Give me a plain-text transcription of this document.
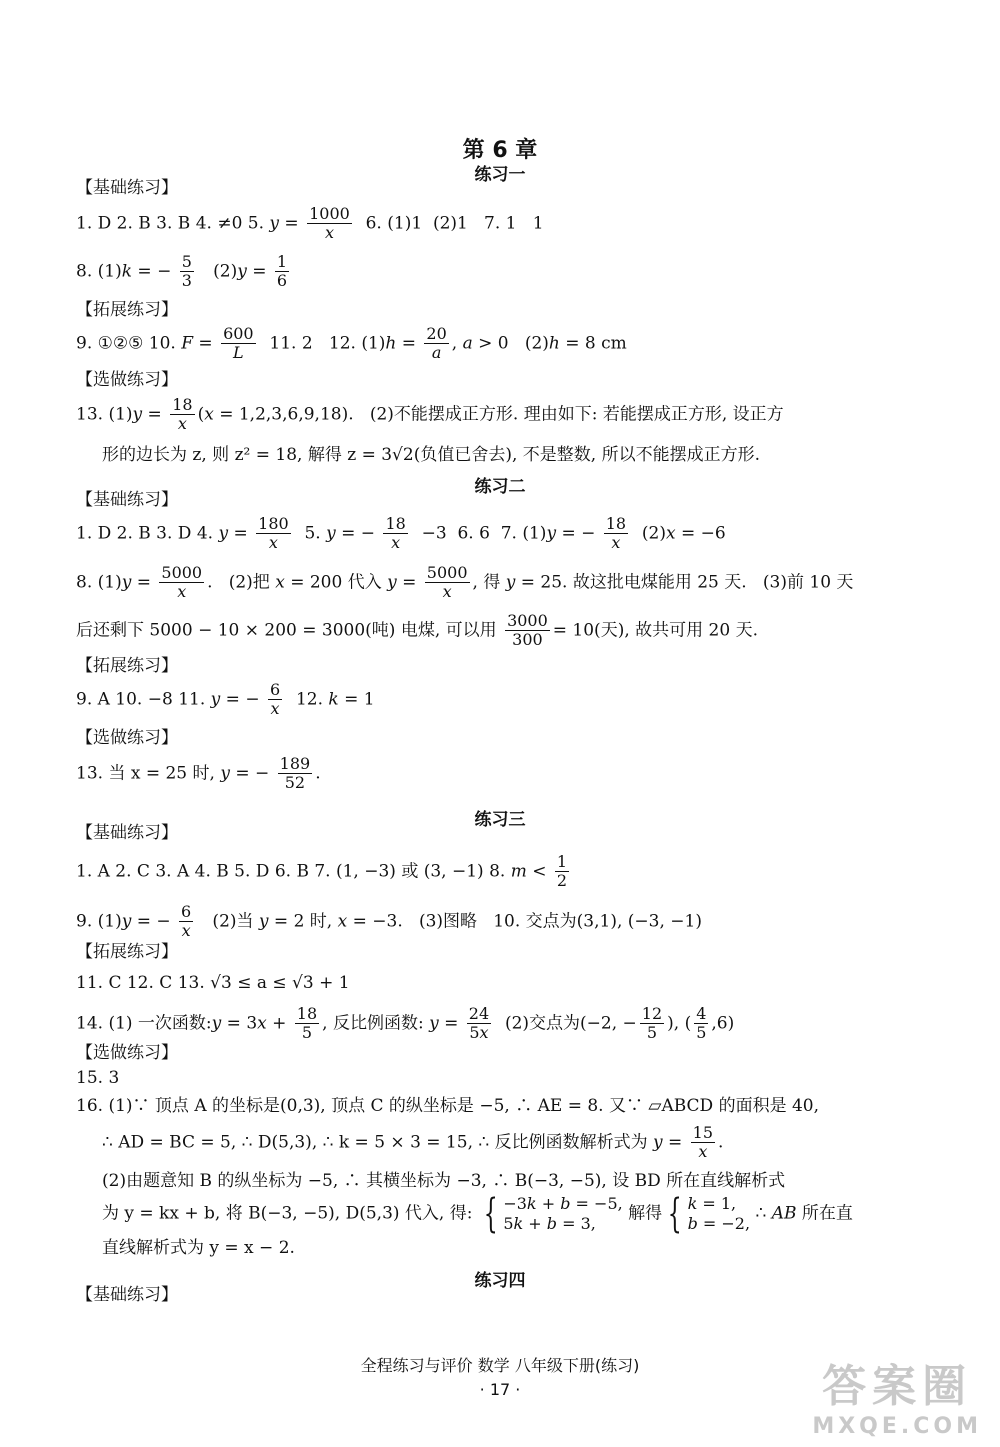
第 6 章
练习一
【基础练习】
1. D 2. B 3. B 4. ≠0 5. $y = \frac{1000}{x} 6$. (1)1  (2)1   7. 1   1
8. (1)k = − $\frac{5}{3} (2)y = \frac{1}{6}$
【拓展练习】
9. ①②⑤ 10. $F = \frac{600}{L} 11$. 2   12. $(1)h = \frac{20}{a}$ , a > 0   (2)h = 8 cm
【选做练习】
13. $(1)y = \frac{18}{x} (x = 1,2,3,6,9,18)$.   (2)不能摆成正方形. 理由如下: 若能摆成正方形, 设正方
形的边长为 z, 则 z² = 18, 解得 z = 3√2(负值已舍去), 不是整数, 所以不能摆成正方形.
练习二
【基础练习】
1. D 2. B 3. D 4. $y = \frac{180}{x} 5$. y = − $\frac{18}{x} -3$  6. 6  7. (1)y = − $\frac{18}{x} (2)x = -6$
8. $(1)y = \frac{5000}{x}$ .   (2)把 x = 200 代入 $y = \frac{5000}{x}$ , 得 y = 25. 故这批电煤能用 25 天.   (3)前 10 天
后还剩下 5000 − 10 × 200 = 3000(吨) 电煤, 可以用 $\frac{3000}{300} = 10$(天), 故共可用 20 天.
【拓展练习】
9. A 10. −8 11. y = − $\frac{6}{x} 12$. k = 1
【选做练习】
13. 当 x = 25 时, y = − $\frac{189}{52}$ .
练习三
【基础练习】
1. A 2. C 3. A 4. B 5. D 6. B 7. (1, −3) 或 (3, −1) 8. $m < \frac{1}{2}$
9. (1)y = − $\frac{6}{x} (2)$当 y = 2 时, x = −3.   (3)图略   10. 交点为(3,1), (−3, −1)
【拓展练习】
11. C 12. C 13. √3 ≤ a ≤ √3 + 1
14. (1) 一次函数:y = $3x + \frac{18}{5}$ , 反比例函数: $y = \frac{24}{5x} (2)$交点为(−2, − $\frac{12}{5}$ ), ( $\frac{4}{5} ,6$)
【选做练习】
15. 3
16. (1)∵ 顶点 A 的坐标是(0,3), 顶点 C 的纵坐标是 −5, ∴ AE = 8. 又∵ ▱ABCD 的面积是 40,
∴ AD = BC = 5, ∴ D(5,3), ∴ k = 5 × 3 = 15, ∴ 反比例函数解析式为 $y = \frac{15}{x}$ .
(2)由题意知 B 的纵坐标为 −5, ∴ 其横坐标为 −3, ∴ B(−3, −5), 设 BD 所在直线解析式
为 y = kx + b, 将 B(−3, −5), D(5,3) 代入, 得: { −3k + b = −5,
5k + b = 3,	解得 { k = 1,
b = −2, ∴ AB 所在直
直线解析式为 y = x − 2.
练习四
【基础练习】
全程练习与评价 数学 八年级下册(练习)
· 17 ·	答案圈
MXQE.COM
